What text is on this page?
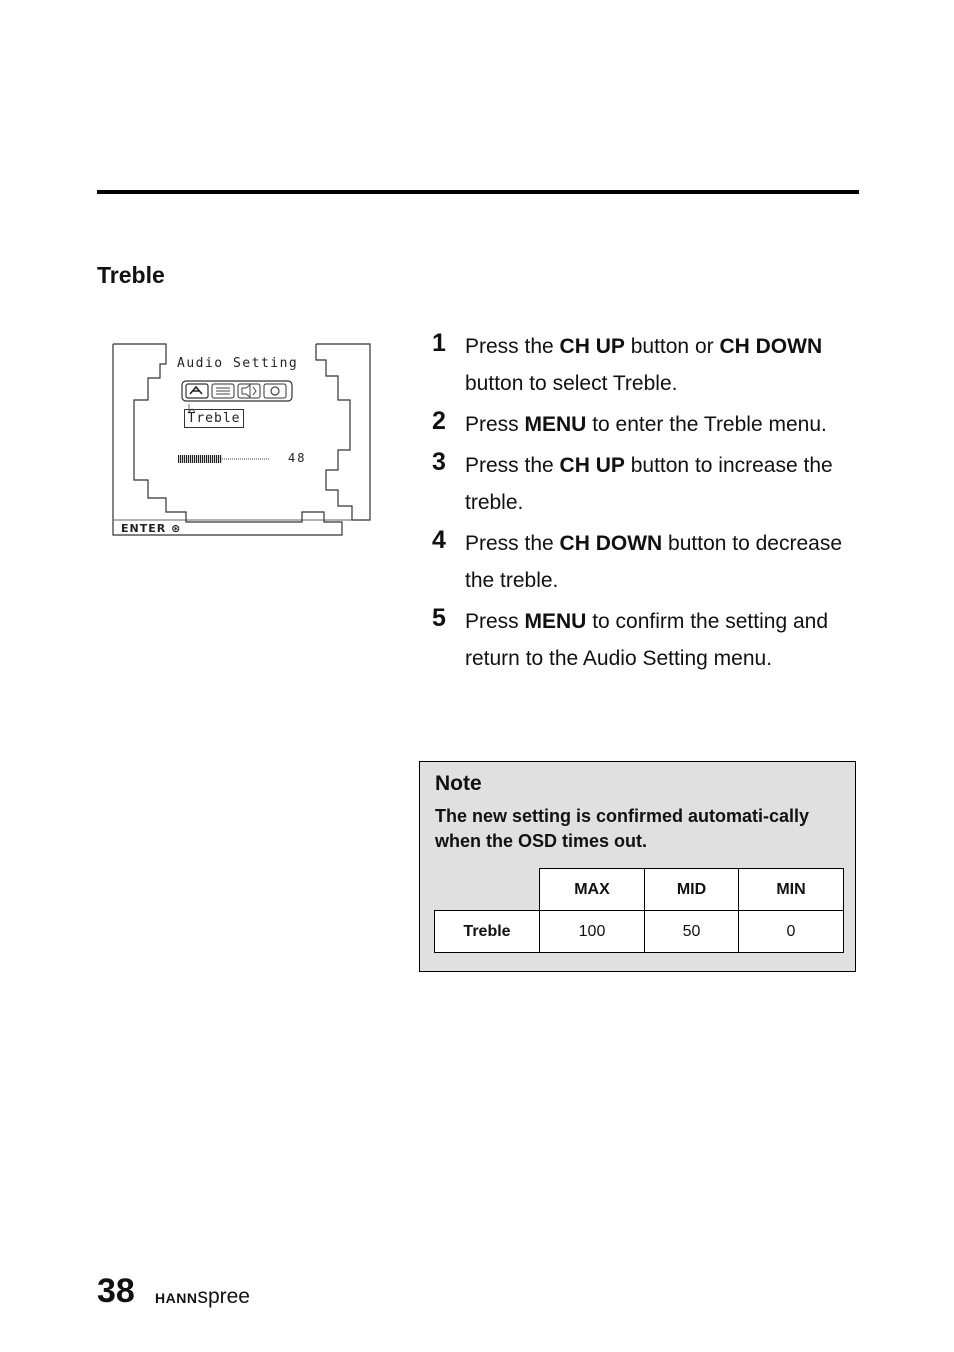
Treble
Audio Setting
Treble
48
ENTER ⊛
1 Press the CH UP button or CH DOWN button to select Treble.
2 Press MENU to enter the Treble menu.
3 Press the CH UP button to increase the treble.
4 Press the CH DOWN button to decrease the treble.
5 Press MENU to confirm the setting and return to the Audio Setting menu.
Note
The new setting is confirmed automati-cally when the OSD times out.
	MAX	MID	MIN
Treble	100	50	0
38 HANNspree
